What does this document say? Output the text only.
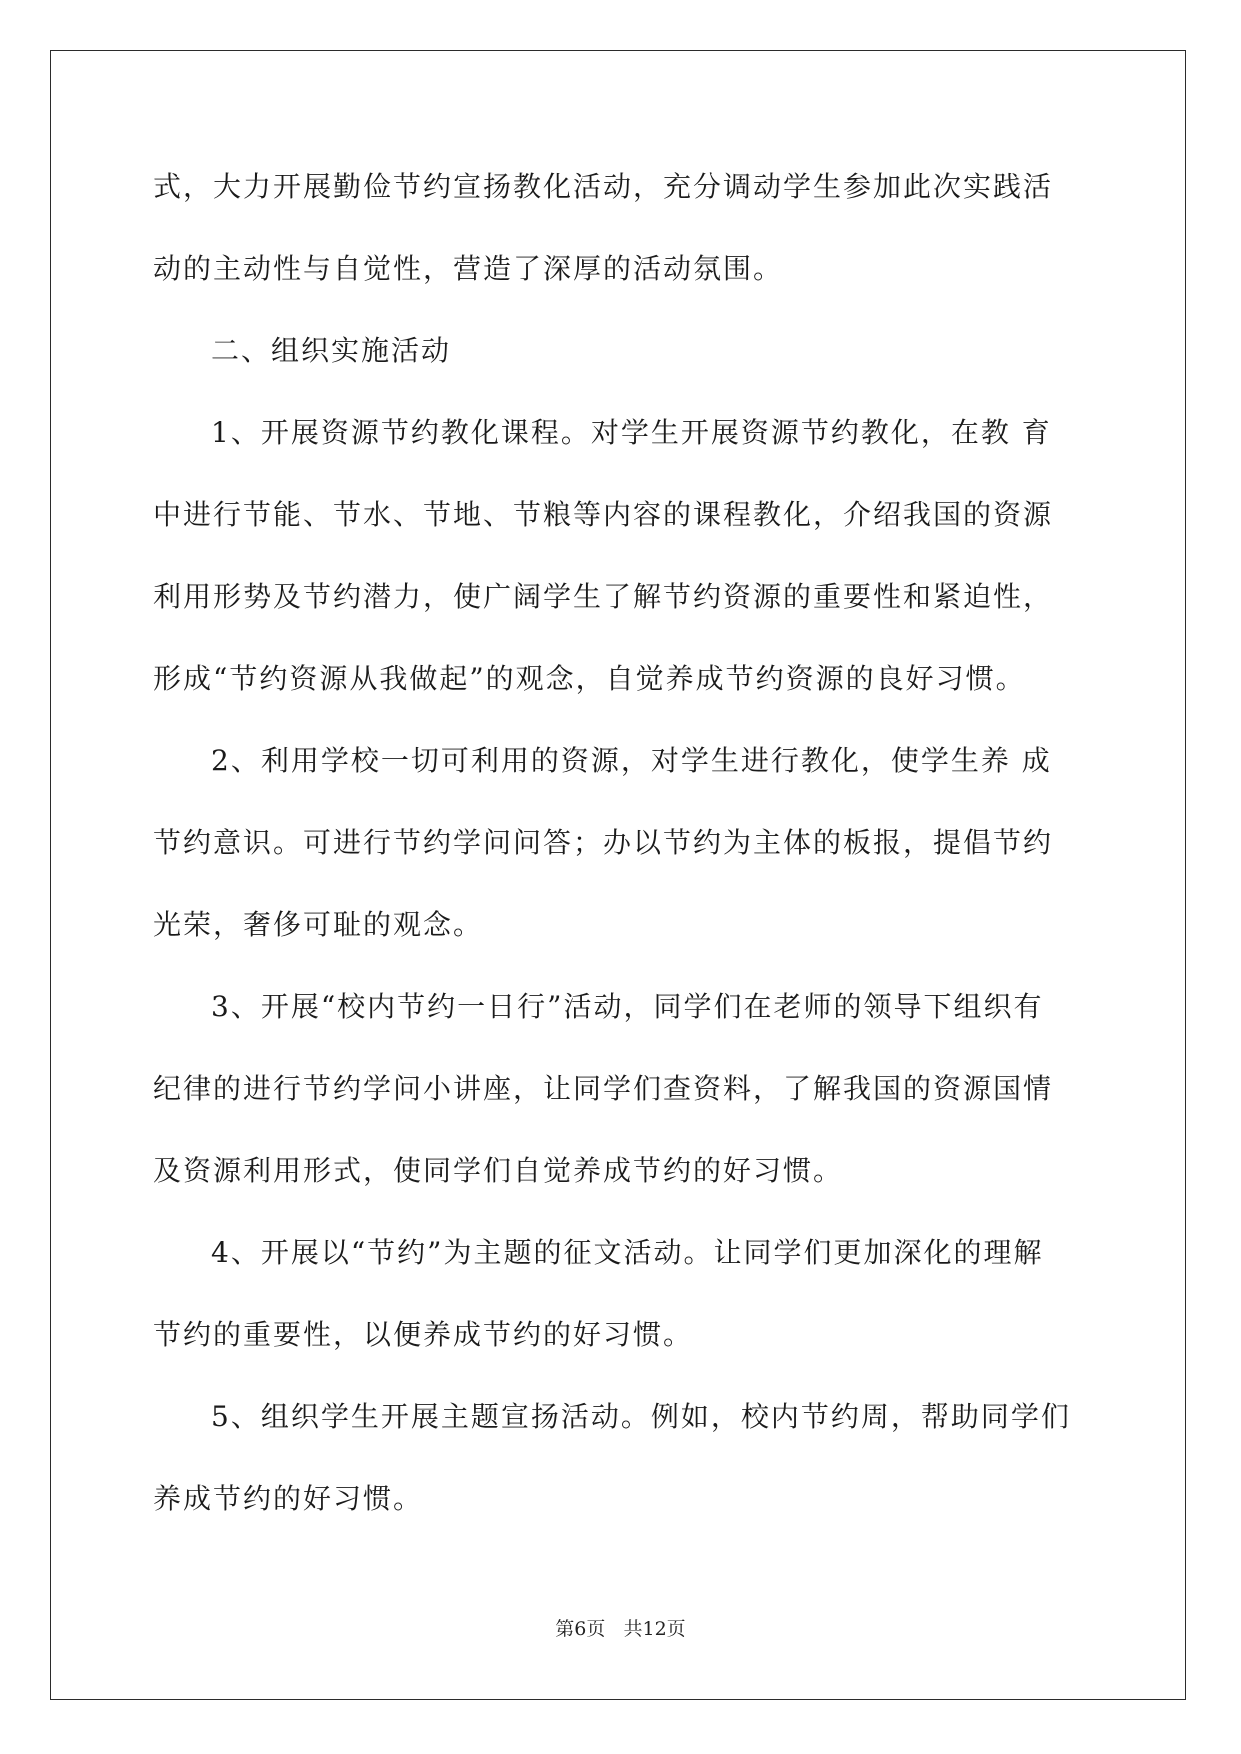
式，大力开展勤俭节约宣扬教化活动，充分调动学生参加此次实践活
动的主动性与自觉性，营造了深厚的活动氛围。
二、组织实施活动
1、开展资源节约教化课程。对学生开展资源节约教化，在教 育
中进行节能、节水、节地、节粮等内容的课程教化，介绍我国的资源
利用形势及节约潜力，使广阔学生了解节约资源的重要性和紧迫性，
形成“节约资源从我做起”的观念，自觉养成节约资源的良好习惯。
2、利用学校一切可利用的资源，对学生进行教化，使学生养 成
节约意识。可进行节约学问问答；办以节约为主体的板报，提倡节约
光荣，奢侈可耻的观念。
3、开展“校内节约一日行”活动，同学们在老师的领导下组织有
纪律的进行节约学问小讲座，让同学们查资料，了解我国的资源国情
及资源利用形式，使同学们自觉养成节约的好习惯。
4、开展以“节约”为主题的征文活动。让同学们更加深化的理解
节约的重要性，以便养成节约的好习惯。
5、组织学生开展主题宣扬活动。例如，校内节约周，帮助同学们
养成节约的好习惯。
第6页   共12页
